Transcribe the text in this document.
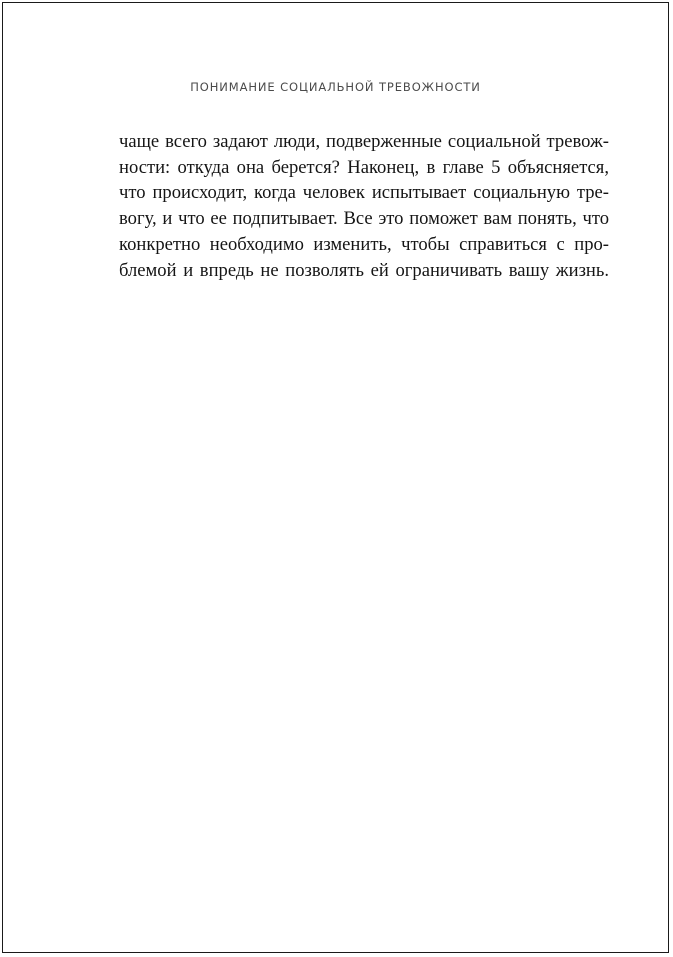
ПОНИМАНИЕ СОЦИАЛЬНОЙ ТРЕВОЖНОСТИ
чаще всего задают люди, подверженные социальной тревож-
ности: откуда она берется? Наконец, в главе 5 объясняется,
что происходит, когда человек испытывает социальную тре-
вогу, и что ее подпитывает. Все это поможет вам понять, что
конкретно необходимо изменить, чтобы справиться с про-
блемой и впредь не позволять ей ограничивать вашу жизнь.
